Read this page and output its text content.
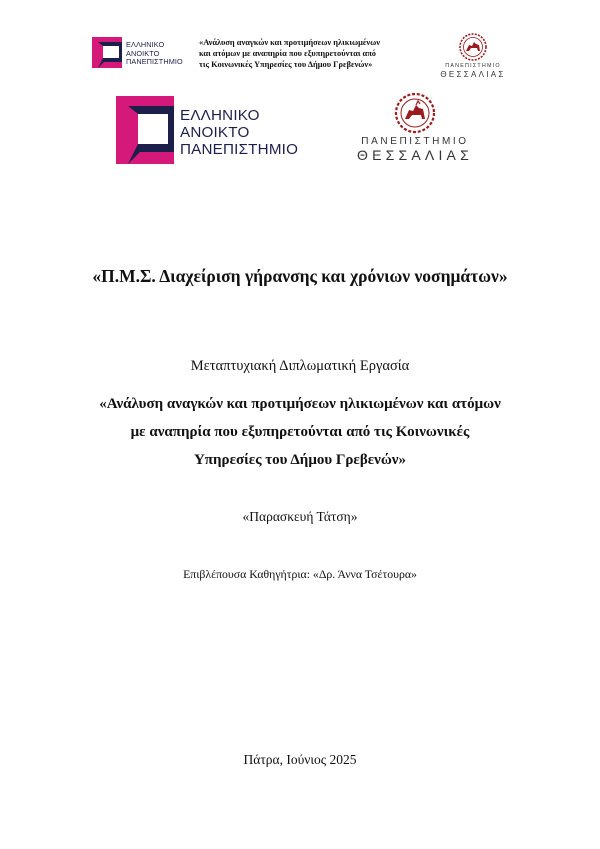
ΕΛΛΗΝΙΚΟ
ΑΝΟΙΚΤΟ
ΠΑΝΕΠΙΣΤΗΜΙΟ
«Ανάλυση αναγκών και προτιμήσεων ηλικιωμένων
και ατόμων με αναπηρία που εξυπηρετούνται από
τις Κοινωνικές Υπηρεσίες του Δήμου Γρεβενών»	ΠΑΝΕΠΙΣΤΗΜΙΟ
ΘΕΣΣΑΛΙΑΣ
ΕΛΛΗΝΙΚΟ
ΑΝΟΙΚΤΟ
ΠΑΝΕΠΙΣΤΗΜΙΟ	ΠΑΝΕΠΙΣΤΗΜΙΟ
ΘΕΣΣΑΛΙΑΣ
«Π.Μ.Σ. Διαχείριση γήρανσης και χρόνιων νοσημάτων»
Μεταπτυχιακή Διπλωματική Εργασία
«Ανάλυση αναγκών και προτιμήσεων ηλικιωμένων και ατόμων
με αναπηρία που εξυπηρετούνται από τις Κοινωνικές
Υπηρεσίες του Δήμου Γρεβενών»
«Παρασκευή Τάτση»
Επιβλέπουσα Καθηγήτρια: «Δρ. Άννα Τσέτουρα»
Πάτρα, Ιούνιος 2025
